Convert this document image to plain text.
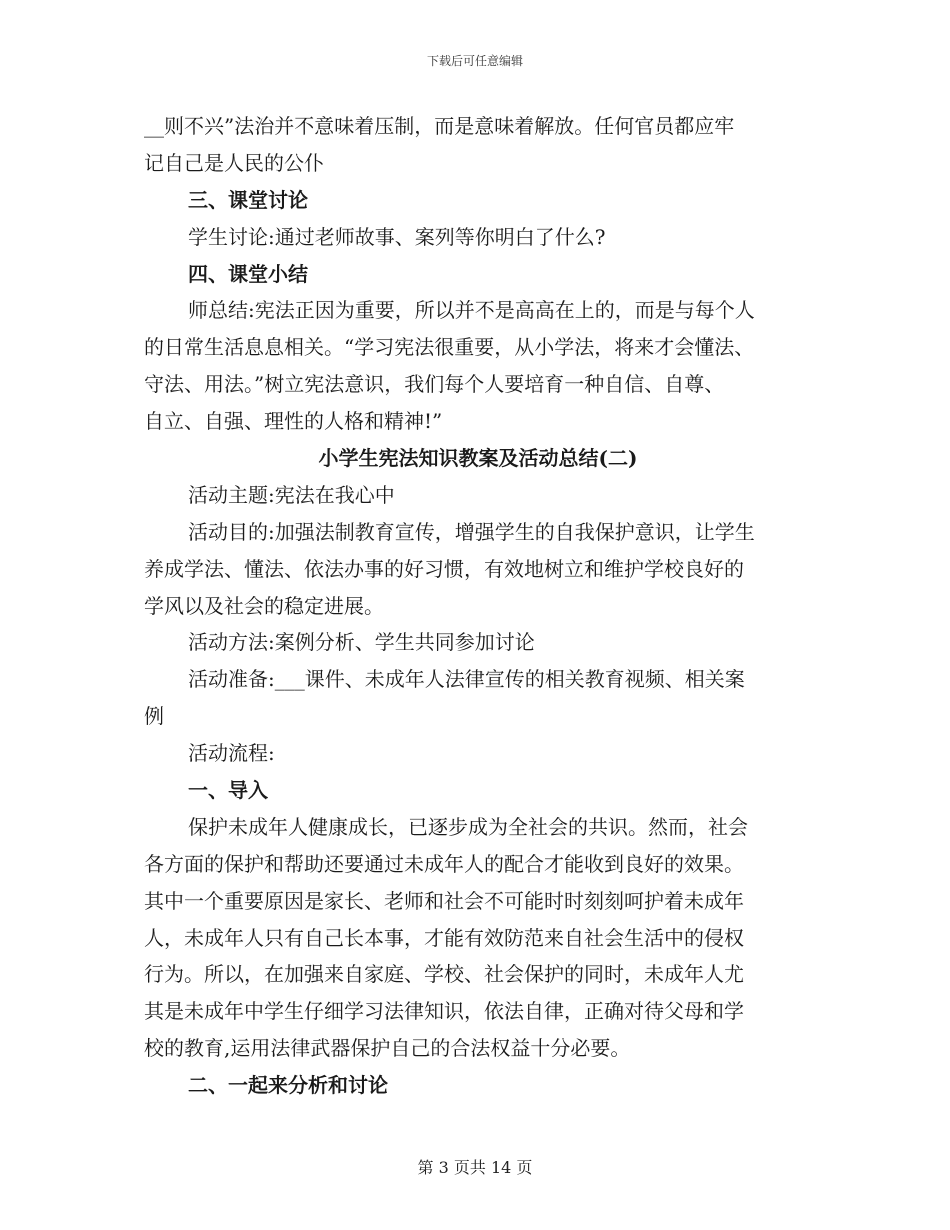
下载后可任意编辑
__则不兴”法治并不意味着压制，而是意味着解放。任何官员都应牢
记自己是人民的公仆
三、课堂讨论
学生讨论:通过老师故事、案列等你明白了什么?
四、课堂小结
师总结:宪法正因为重要，所以并不是高高在上的，而是与每个人
的日常生活息息相关。“学习宪法很重要，从小学法，将来才会懂法、
守法、用法。”树立宪法意识，我们每个人要培育一种自信、自尊、
自立、自强、理性的人格和精神!”
小学生宪法知识教案及活动总结(二)
活动主题:宪法在我心中
活动目的:加强法制教育宣传，增强学生的自我保护意识，让学生
养成学法、懂法、依法办事的好习惯，有效地树立和维护学校良好的
学风以及社会的稳定进展。
活动方法:案例分析、学生共同参加讨论
活动准备:___课件、未成年人法律宣传的相关教育视频、相关案
例
活动流程:
一、导入
保护未成年人健康成长，已逐步成为全社会的共识。然而，社会
各方面的保护和帮助还要通过未成年人的配合才能收到良好的效果。
其中一个重要原因是家长、老师和社会不可能时时刻刻呵护着未成年
人，未成年人只有自己长本事，才能有效防范来自社会生活中的侵权
行为。所以，在加强来自家庭、学校、社会保护的同时，未成年人尤
其是未成年中学生仔细学习法律知识，依法自律，正确对待父母和学
校的教育,运用法律武器保护自己的合法权益十分必要。
二、一起来分析和讨论
第 3 页共 14 页
